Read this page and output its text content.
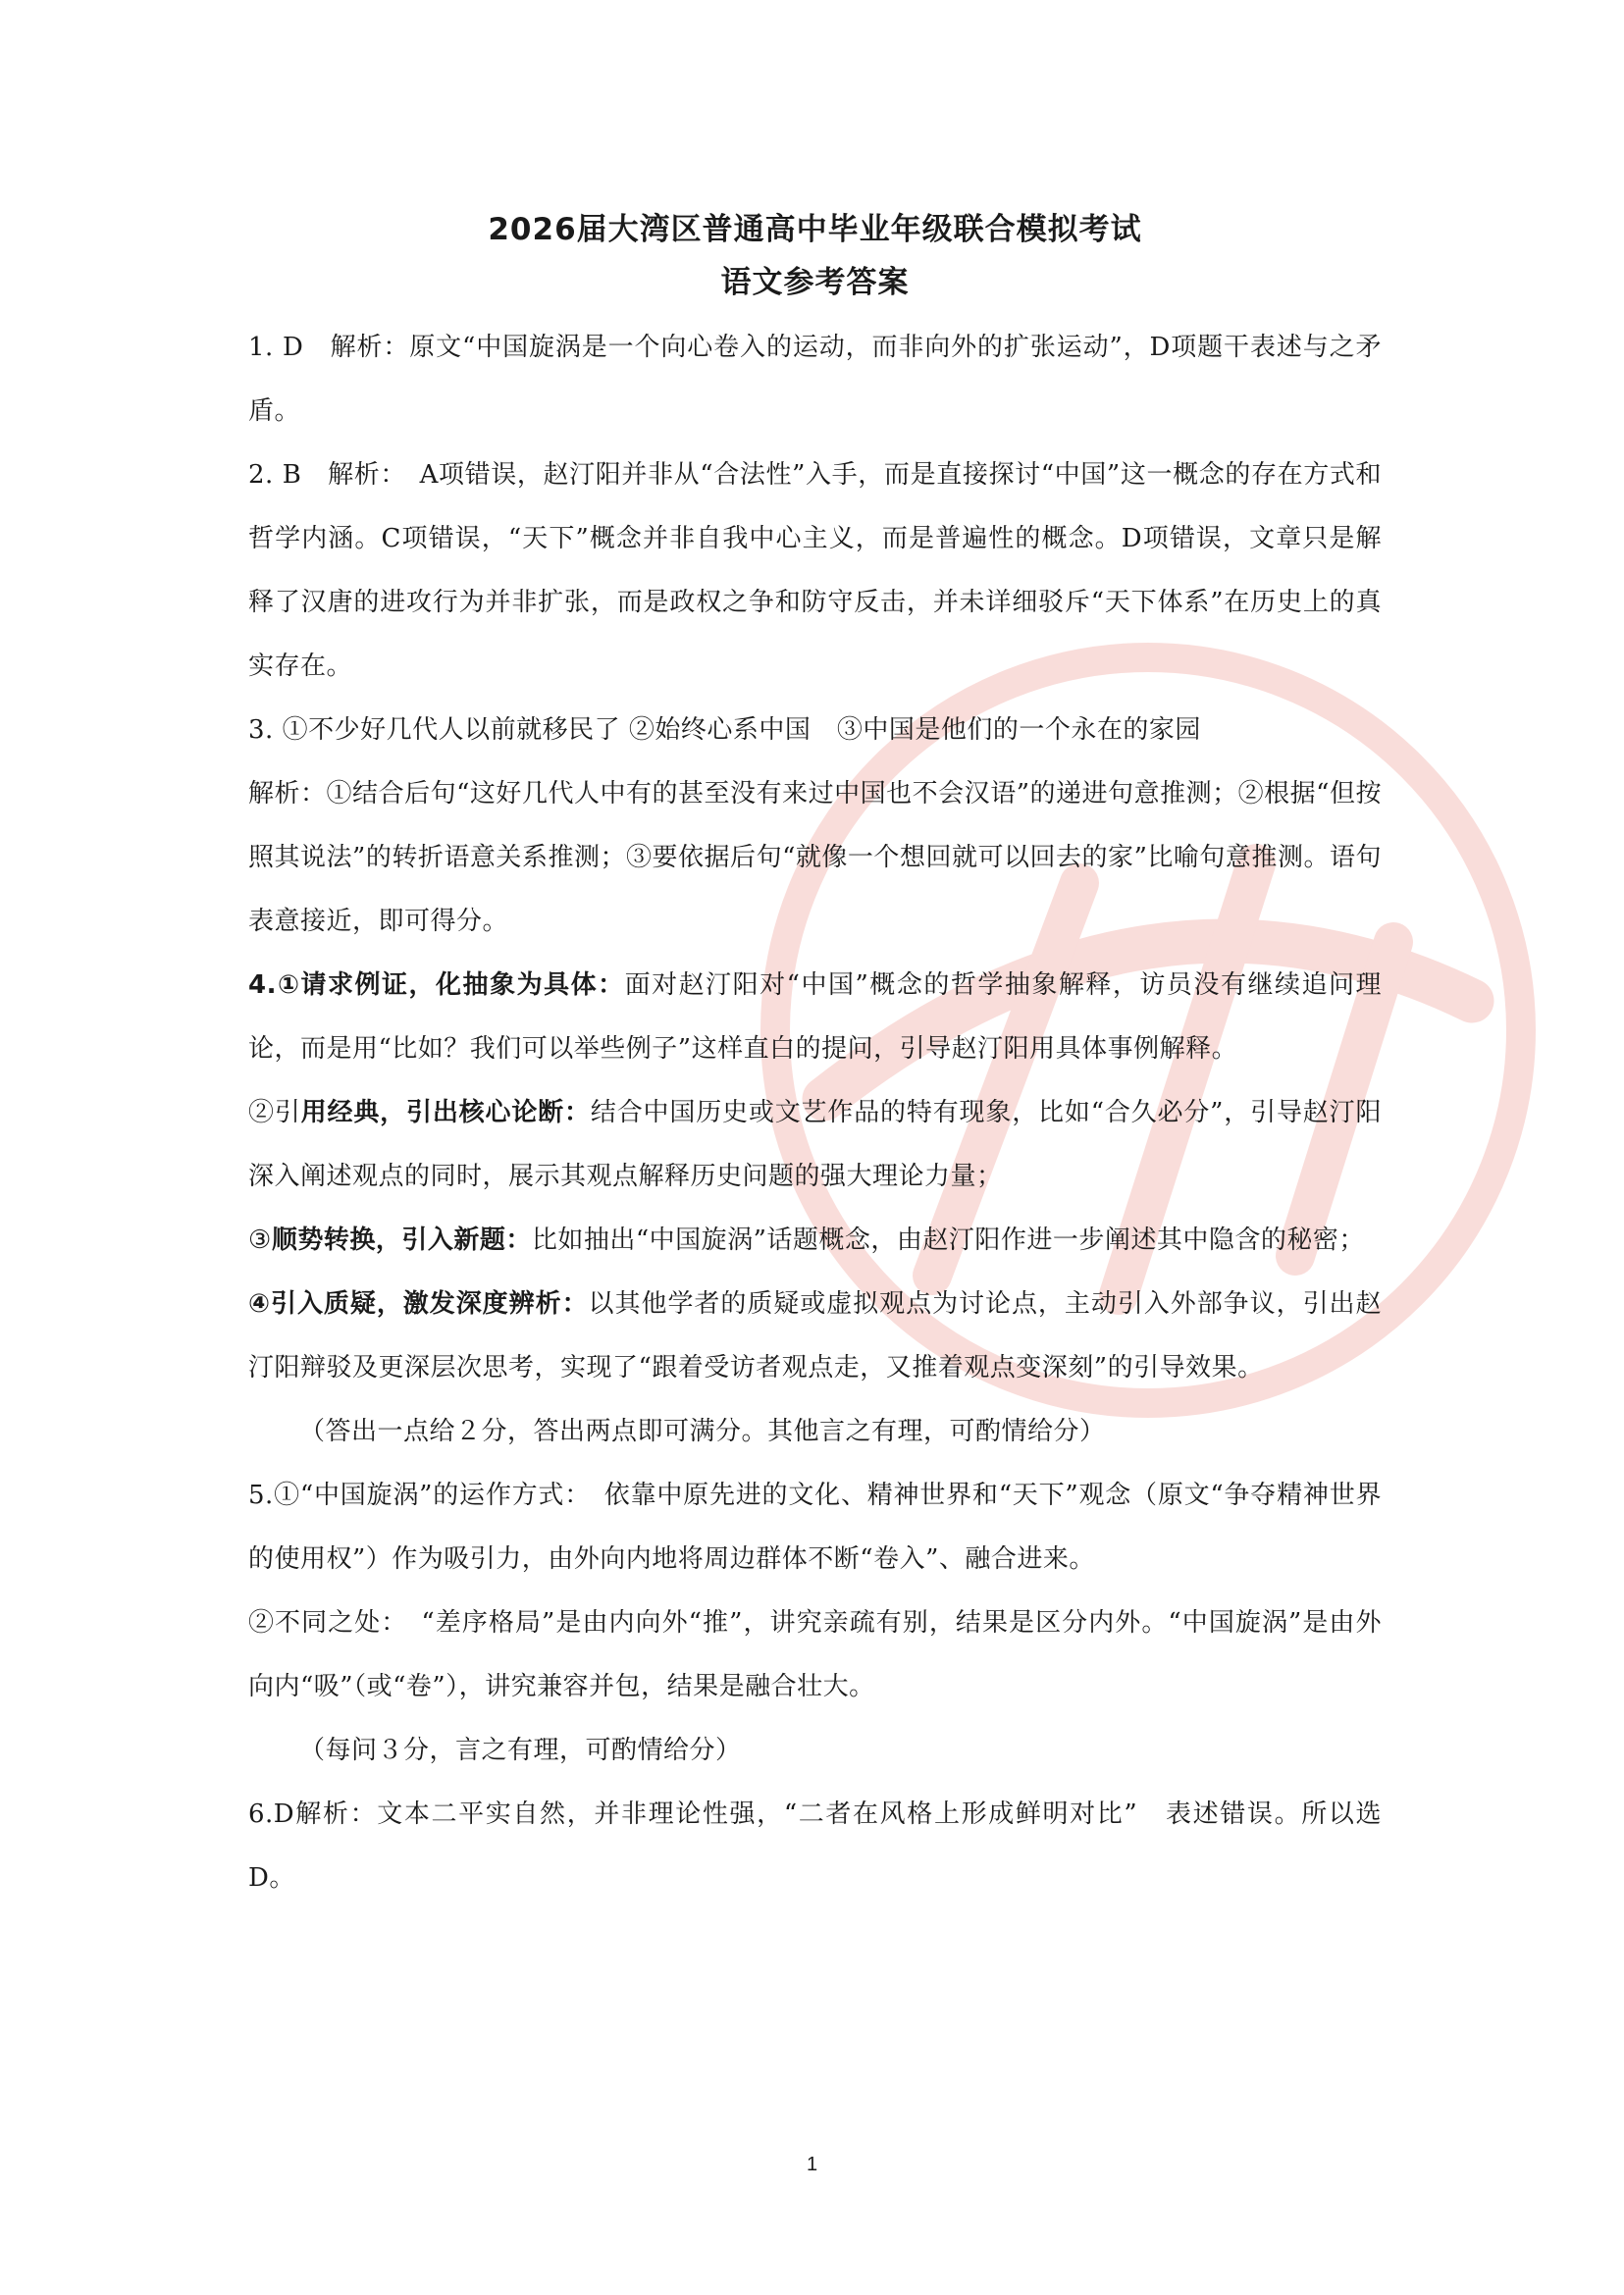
2026届大湾区普通高中毕业年级联合模拟考试
语文参考答案

1. D　解析：原文“中国旋涡是一个向心卷入的运动，而非向外的扩张运动”，D项题干表述与之矛盾。

2. B　解析：　A项错误，赵汀阳并非从“合法性”入手，而是直接探讨“中国”这一概念的存在方式和哲学内涵。C项错误，“天下”概念并非自我中心主义，而是普遍性的概念。D项错误，文章只是解释了汉唐的进攻行为并非扩张，而是政权之争和防守反击，并未详细驳斥“天下体系”在历史上的真实存在。

3. ①不少好几代人以前就移民了 ②始终心系中国　③中国是他们的一个永在的家园

解析：①结合后句“这好几代人中有的甚至没有来过中国也不会汉语”的递进句意推测；②根据“但按照其说法”的转折语意关系推测；③要依据后句“就像一个想回就可以回去的家”比喻句意推测。语句表意接近，即可得分。

4.①请求例证，化抽象为具体：面对赵汀阳对“中国”概念的哲学抽象解释，访员没有继续追问理论，而是用“比如？我们可以举些例子”这样直白的提问，引导赵汀阳用具体事例解释。

②引用经典，引出核心论断：结合中国历史或文艺作品的特有现象，比如“合久必分”，引导赵汀阳深入阐述观点的同时，展示其观点解释历史问题的强大理论力量；

③顺势转换，引入新题：比如抽出“中国旋涡”话题概念，由赵汀阳作进一步阐述其中隐含的秘密；

④引入质疑，激发深度辨析：以其他学者的质疑或虚拟观点为讨论点，主动引入外部争议，引出赵汀阳辩驳及更深层次思考，实现了“跟着受访者观点走，又推着观点变深刻”的引导效果。

（答出一点给２分，答出两点即可满分。其他言之有理，可酌情给分）

5.①“中国旋涡”的运作方式：　依靠中原先进的文化、精神世界和“天下”观念（原文“争夺精神世界的使用权”）作为吸引力，由外向内地将周边群体不断“卷入”、融合进来。

②不同之处：　“差序格局”是由内向外“推”，讲究亲疏有别，结果是区分内外。“中国旋涡”是由外向内“吸”（或“卷”），讲究兼容并包，结果是融合壮大。

（每问３分，言之有理，可酌情给分）

6.D解析：文本二平实自然，并非理论性强，“二者在风格上形成鲜明对比”　表述错误。所以选D。

1
